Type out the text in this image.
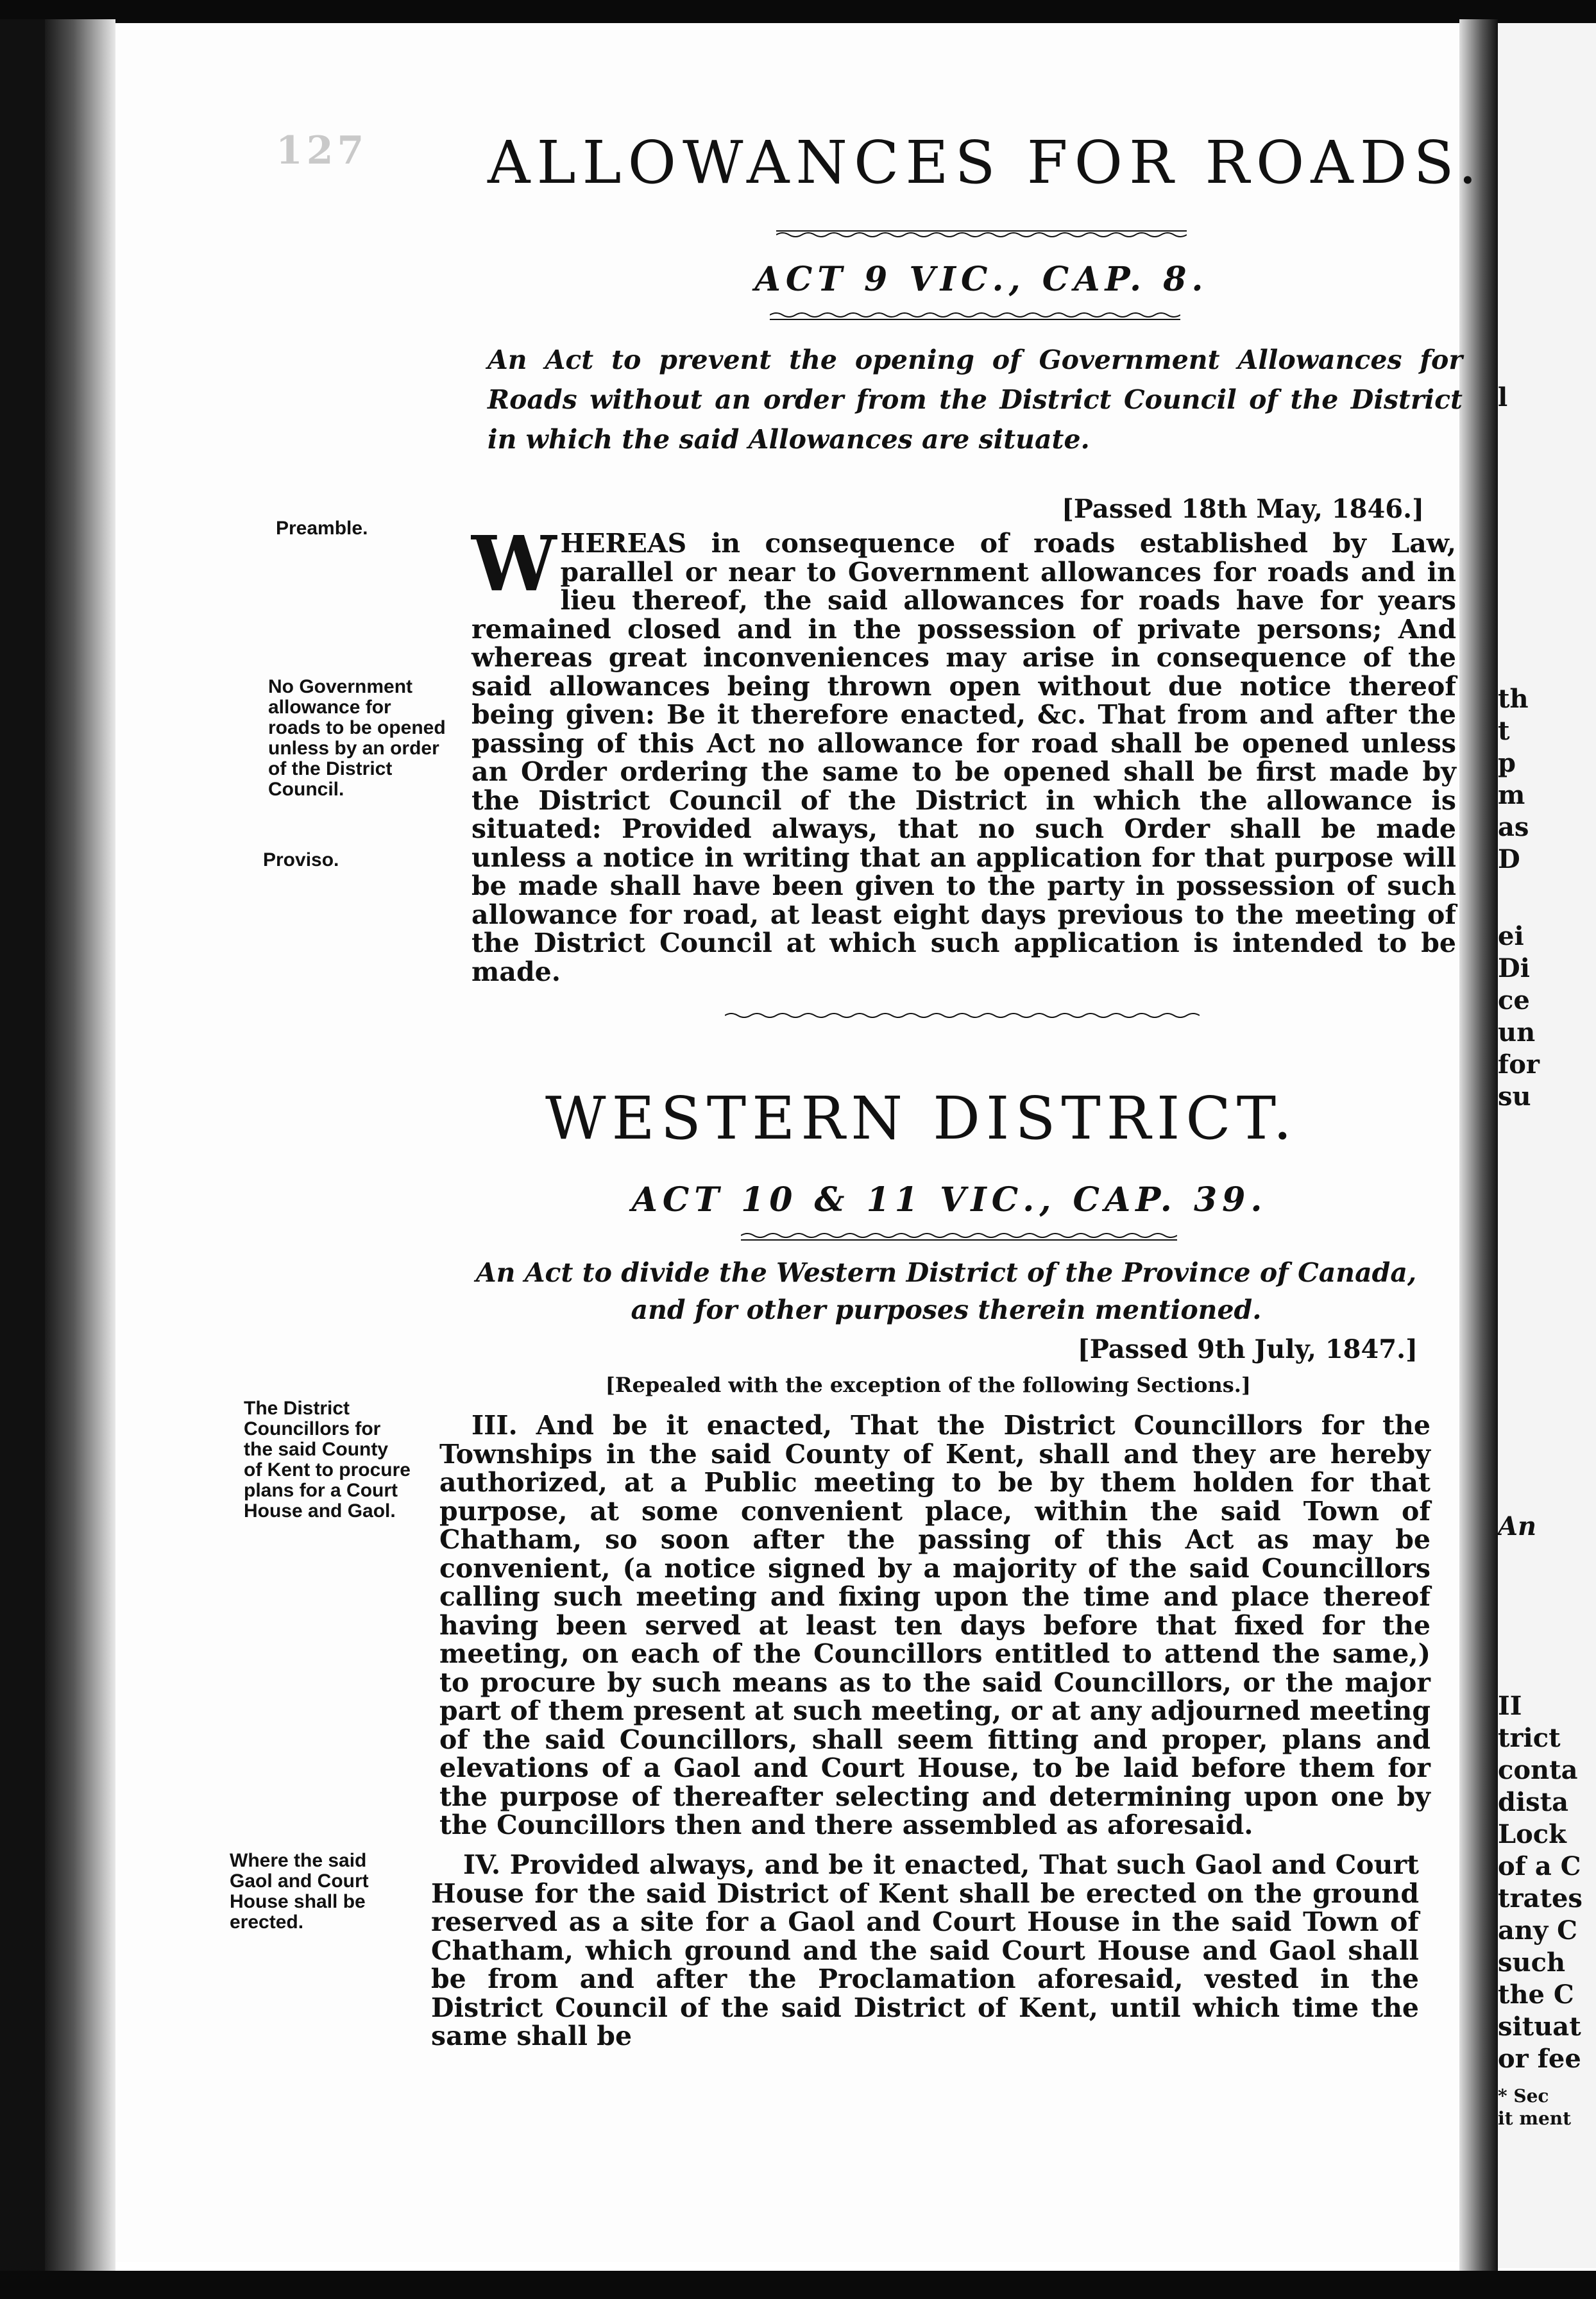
l
th
t
p
m
as
D
ei
Di
ce
un
for
su
An
II
trict
conta
dista
Lock
of a C
trates
any C
such
the C
situat
or fee
* Sec
it ment
127 ALLOWANCES FOR ROADS.
ACT 9 VIC., CAP. 8.
An Act to prevent the opening of Government Allowances for Roads without an order from the District Council of the District in which the said Allowances are situate.
Preamble.
[Passed 18th May, 1846.]
WHEREAS in consequence of roads established by Law, parallel or near to Government allowances for roads and in lieu thereof, the said allowances for roads have for years remained closed and in the possession of private persons; And whereas great inconveniences may arise in consequence of the said allowances being thrown open without due notice thereof being given: Be it therefore enacted, &c. That from and after the passing of this Act no allowance for road shall be opened unless an Order ordering the same to be opened shall be first made by the District Council of the District in which the allowance is situated: Provided always, that no such Order shall be made unless a notice in writing that an application for that purpose will be made shall have been given to the party in possession of such allowance for road, at least eight days previous to the meeting of the District Council at which such application is intended to be made.
No Government allowance for roads to be opened unless by an order of the District Council.
Proviso.
WESTERN DISTRICT.
ACT 10 & 11 VIC., CAP. 39.
An Act to divide the Western District of the Province of Canada, and for other purposes therein mentioned.
[Passed 9th July, 1847.]
[Repealed with the exception of the following Sections.]
The District Councillors for the said County of Kent to procure plans for a Court House and Gaol.
III. And be it enacted, That the District Councillors for the Townships in the said County of Kent, shall and they are hereby authorized, at a Public meeting to be by them holden for that purpose, at some convenient place, within the said Town of Chatham, so soon after the passing of this Act as may be convenient, (a notice signed by a majority of the said Councillors calling such meeting and fixing upon the time and place thereof having been served at least ten days before that fixed for the meeting, on each of the Councillors entitled to attend the same,) to procure by such means as to the said Councillors, or the major part of them present at such meeting, or at any adjourned meeting of the said Councillors, shall seem fitting and proper, plans and elevations of a Gaol and Court House, to be laid before them for the purpose of thereafter selecting and determining upon one by the Councillors then and there assembled as aforesaid.
Where the said Gaol and Court House shall be erected.
IV. Provided always, and be it enacted, That such Gaol and Court House for the said District of Kent shall be erected on the ground reserved as a site for a Gaol and Court House in the said Town of Chatham, which ground and the said Court House and Gaol shall be from and after the Proclamation aforesaid, vested in the District Council of the said District of Kent, until which time the same shall be
